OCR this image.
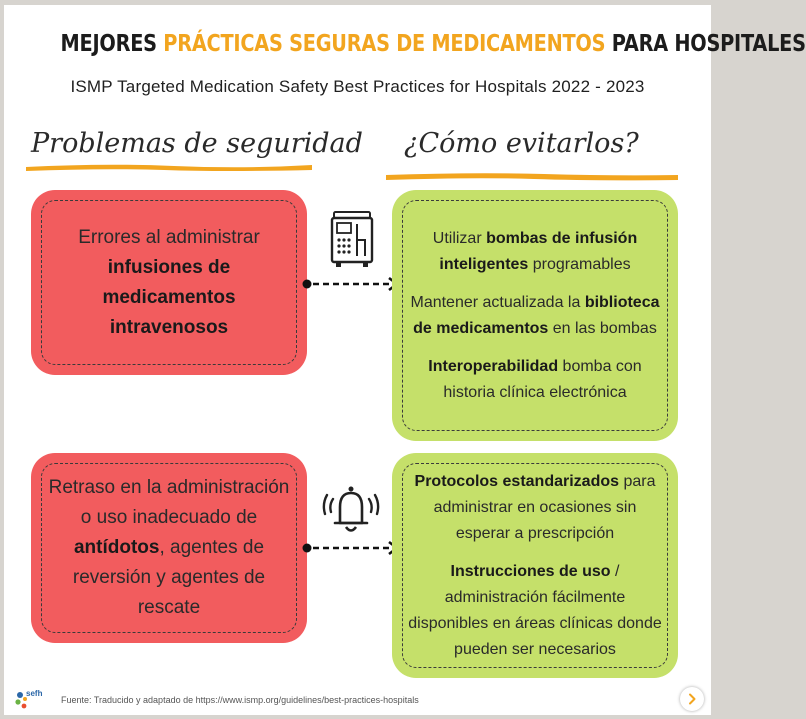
MEJORES PRÁCTICAS SEGURAS DE MEDICAMENTOS PARA HOSPITALES
ISMP Targeted Medication Safety Best Practices for Hospitals 2022 - 2023
Problemas de seguridad ¿Cómo evitarlos?
Errores al administrar
infusiones de medicamentos intravenosos
Utilizar bombas de infusión inteligentes programables
Mantener actualizada la biblioteca de medicamentos en las bombas
Interoperabilidad bomba con historia clínica electrónica
Retraso en la administración o uso inadecuado de antídotos, agentes de reversión y agentes de rescate
Protocolos estandarizados para administrar en ocasiones sin esperar a prescripción
Instrucciones de uso / administración fácilmente disponibles en áreas clínicas donde pueden ser necesarios
sefh
Fuente: Traducido y adaptado de https://www.ismp.org/guidelines/best-practices-hospitals
